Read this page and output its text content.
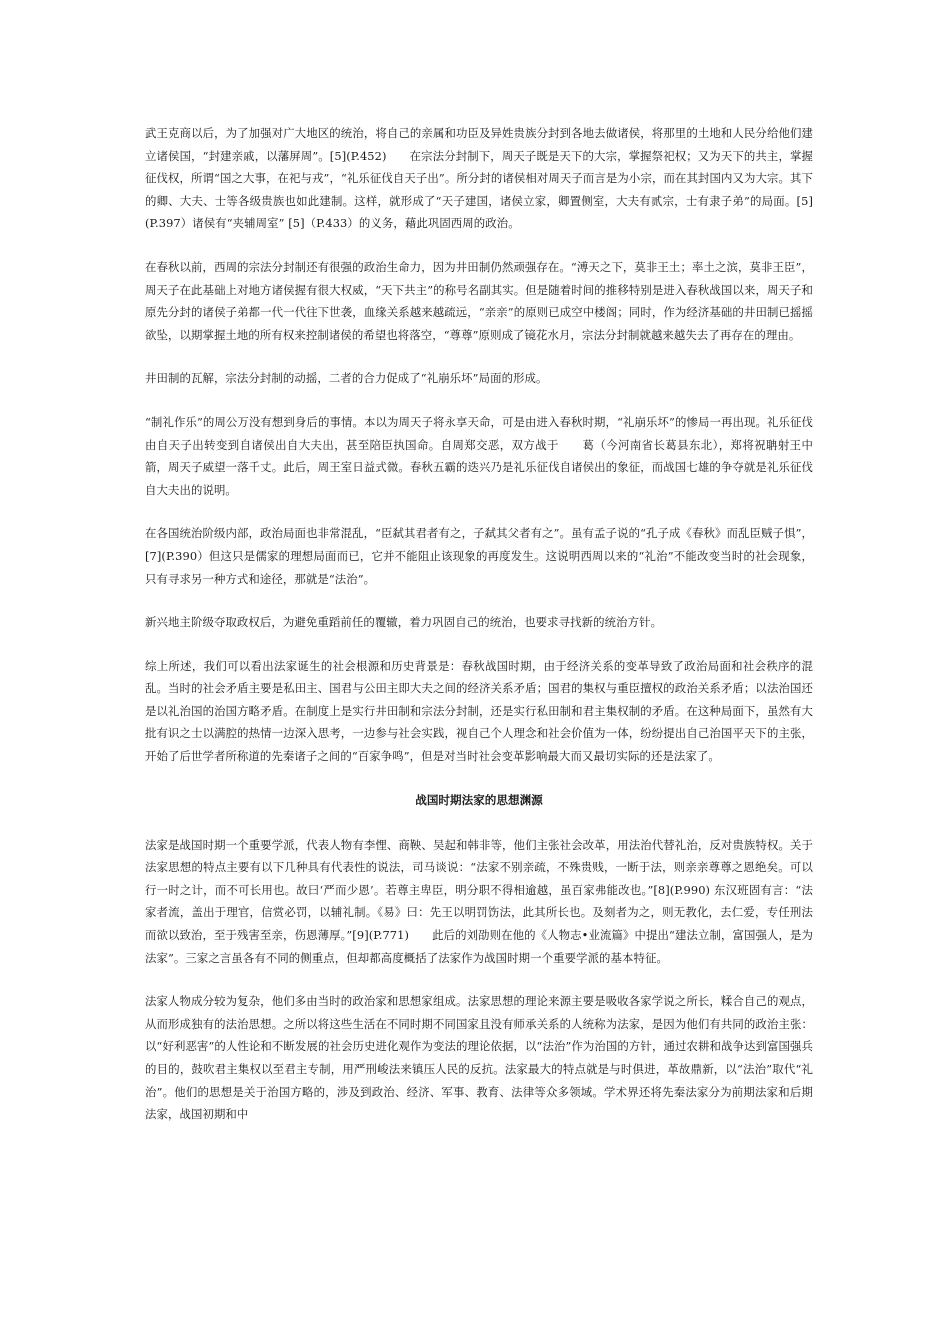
武王克商以后，为了加强对广大地区的统治，将自己的亲属和功臣及异姓贵族分封到各地去做诸侯，将那里的土地和人民分给他们建立诸侯国，“封建亲戚，以藩屏周”。[5](P.452)　　在宗法分封制下，周天子既是天下的大宗，掌握祭祀权；又为天下的共主，掌握征伐权，所谓“国之大事，在祀与戎”，“礼乐征伐自天子出”。所分封的诸侯相对周天子而言是为小宗，而在其封国内又为大宗。其下的卿、大夫、士等各级贵族也如此建制。这样，就形成了“天子建国，诸侯立家，卿置侧室，大夫有贰宗，士有隶子弟”的局面。[5](P.397）诸侯有“夹辅周室” [5]（P.433）的义务，藉此巩固西周的政治。

在春秋以前，西周的宗法分封制还有很强的政治生命力，因为井田制仍然顽强存在。“溥天之下，莫非王土；率土之滨，莫非王臣”，周天子在此基础上对地方诸侯握有很大权威，“天下共主”的称号名副其实。但是随着时间的推移特别是进入春秋战国以来，周天子和原先分封的诸侯子弟都一代一代往下世袭，血缘关系越来越疏远，“亲亲”的原则已成空中楼阁；同时，作为经济基础的井田制已摇摇欲坠，以期掌握土地的所有权来控制诸侯的希望也将落空，“尊尊”原则成了镜花水月，宗法分封制就越来越失去了再存在的理由。

井田制的瓦解，宗法分封制的动摇，二者的合力促成了“礼崩乐坏”局面的形成。

“制礼作乐”的周公万没有想到身后的事情。本以为周天子将永享天命，可是由进入春秋时期，“礼崩乐坏”的惨局一再出现。礼乐征伐由自天子出转变到自诸侯出自大夫出，甚至陪臣执国命。自周郑交恶，双方战于　　葛（今河南省长葛县东北），郑将祝聃射王中箭，周天子威望一落千丈。此后，周王室日益式微。春秋五霸的迭兴乃是礼乐征伐自诸侯出的象征，而战国七雄的争夺就是礼乐征伐自大夫出的说明。

在各国统治阶级内部，政治局面也非常混乱，“臣弑其君者有之，子弑其父者有之”。虽有孟子说的“孔子成《春秋》而乱臣贼子惧”，[7](P.390）但这只是儒家的理想局面而已，它并不能阻止该现象的再度发生。这说明西周以来的“礼治”不能改变当时的社会现象，只有寻求另一种方式和途径，那就是“法治”。

新兴地主阶级夺取政权后，为避免重蹈前任的覆辙，着力巩固自己的统治，也要求寻找新的统治方针。

综上所述，我们可以看出法家诞生的社会根源和历史背景是：春秋战国时期，由于经济关系的变革导致了政治局面和社会秩序的混乱。当时的社会矛盾主要是私田主、国君与公田主即大夫之间的经济关系矛盾；国君的集权与重臣擅权的政治关系矛盾；以法治国还是以礼治国的治国方略矛盾。在制度上是实行井田制和宗法分封制，还是实行私田制和君主集权制的矛盾。在这种局面下，虽然有大批有识之士以满腔的热情一边深入思考，一边参与社会实践，视自己个人理念和社会价值为一体，纷纷提出自己治国平天下的主张，开始了后世学者所称道的先秦诸子之间的“百家争鸣”，但是对当时社会变革影响最大而又最切实际的还是法家了。

战国时期法家的思想渊源

法家是战国时期一个重要学派，代表人物有李悝、商鞅、吴起和韩非等，他们主张社会改革，用法治代替礼治，反对贵族特权。关于法家思想的特点主要有以下几种具有代表性的说法，司马谈说：“法家不别亲疏，不殊贵贱，一断于法，则亲亲尊尊之恩绝矣。可以行一时之计，而不可长用也。故曰‘严而少恩’。若尊主卑臣，明分职不得相逾越，虽百家弗能改也。”[8](P.990) 东汉班固有言：“法家者流，盖出于理官，信赏必罚，以辅礼制。《易》曰：先王以明罚饬法，此其所长也。及刻者为之，则无教化，去仁爱，专任刑法而欲以致治，至于残害至亲，伤恩薄厚。”[9](P.771)　　此后的刘劭则在他的《人物志•业流篇》中提出“建法立制，富国强人，是为法家”。三家之言虽各有不同的侧重点，但却都高度概括了法家作为战国时期一个重要学派的基本特征。

法家人物成分较为复杂，他们多由当时的政治家和思想家组成。法家思想的理论来源主要是吸收各家学说之所长，糅合自己的观点，从而形成独有的法治思想。之所以将这些生活在不同时期不同国家且没有师承关系的人统称为法家，是因为他们有共同的政治主张：以“好利恶害”的人性论和不断发展的社会历史进化观作为变法的理论依据，以“法治”作为治国的方针，通过农耕和战争达到富国强兵的目的，鼓吹君主集权以至君主专制，用严刑峻法来镇压人民的反抗。法家最大的特点就是与时俱进，革故鼎新，以“法治”取代“礼治”。他们的思想是关于治国方略的，涉及到政治、经济、军事、教育、法律等众多领域。学术界还将先秦法家分为前期法家和后期法家，战国初期和中
